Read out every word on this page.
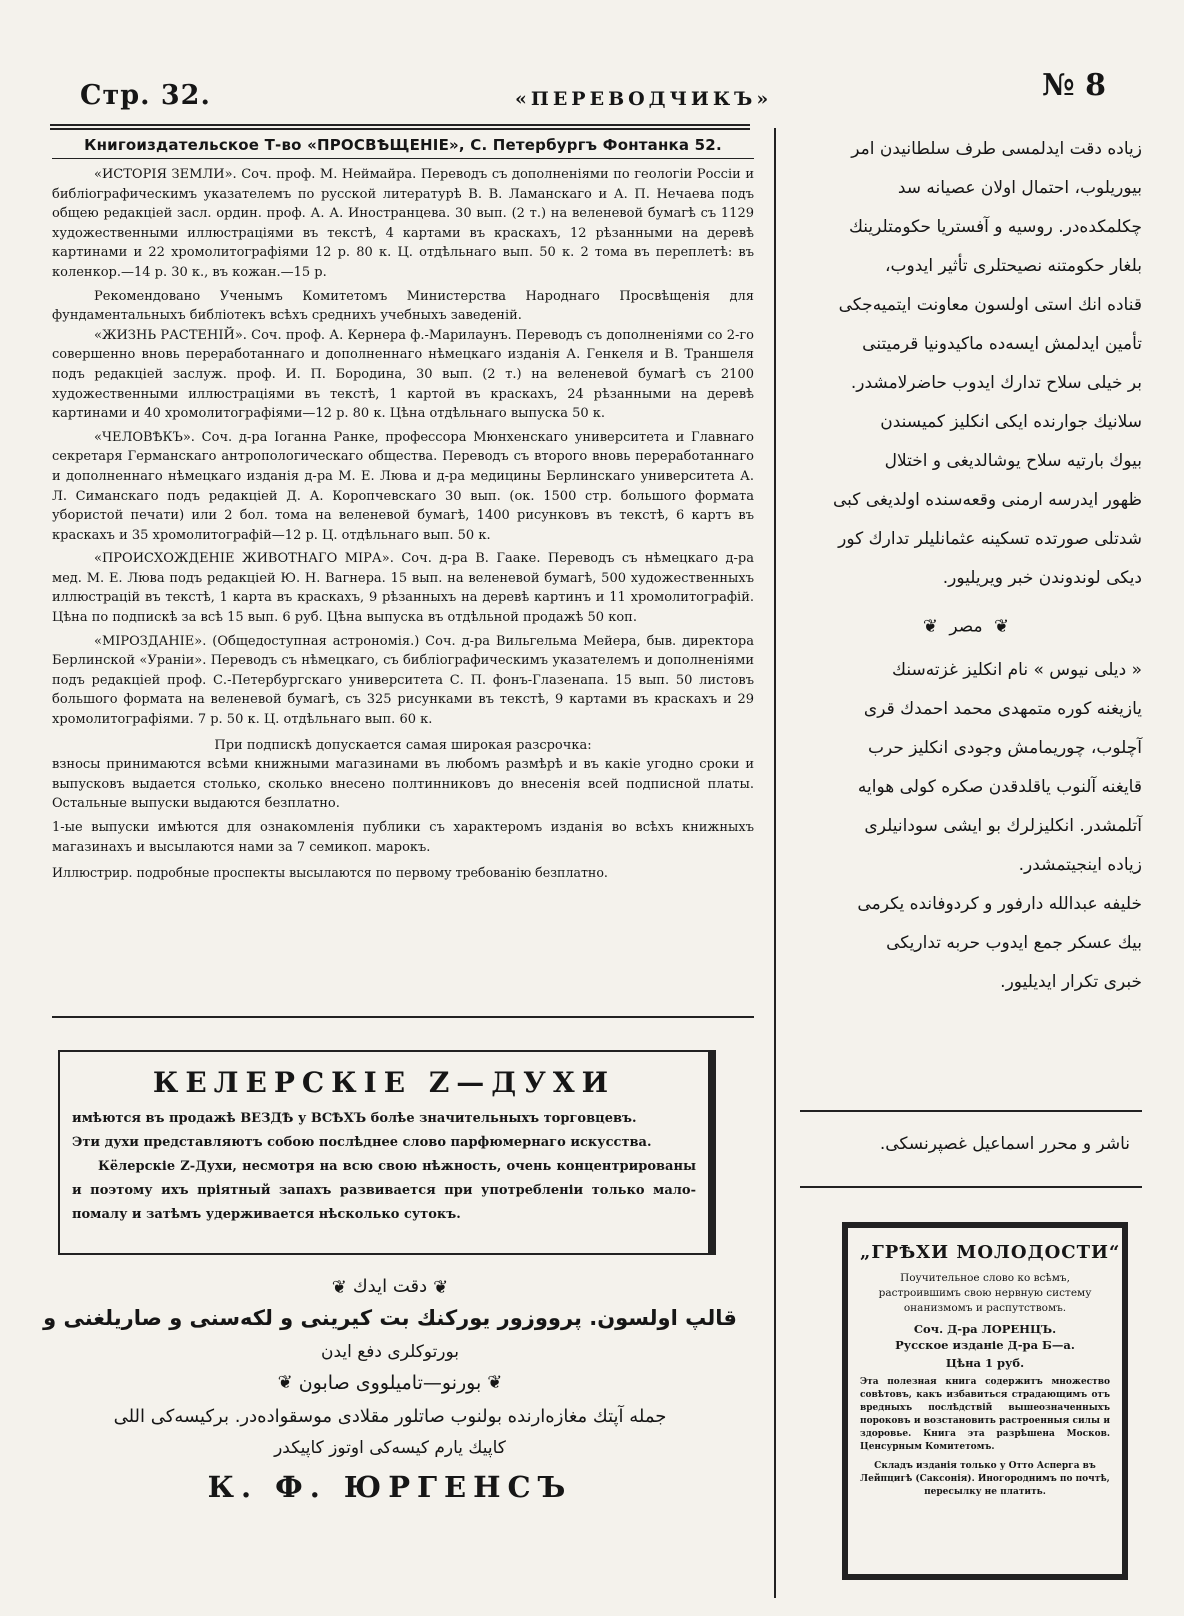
Стр. 32.	«ПЕРЕВОДЧИКЪ»	№ 8
Книгоиздательское Т-во «ПРОСВѢЩЕНІЕ», С. Петербургъ Фонтанка 52.

«ИСТОРІЯ ЗЕМЛИ». Соч. проф. М. Неймайра. Переводъ съ дополненіями по геологіи Россіи и библіографическимъ указателемъ по русской литературѣ В. В. Ламанскаго и А. П. Нечаева подъ общею редакціей засл. ордин. проф. А. А. Иностранцева. 30 вып. (2 т.) на веленевой бумагѣ съ 1129 художественными иллюстраціями въ текстѣ, 4 картами въ краскахъ, 12 рѣзанными на деревѣ картинами и 22 хромолитографіями 12 р. 80 к. Ц. отдѣльнаго вып. 50 к. 2 тома въ переплетѣ: въ коленкор.—14 р. 30 к., въ кожан.—15 р.

Рекомендовано Ученымъ Комитетомъ Министерства Народнаго Просвѣщенія для фундаментальныхъ библіотекъ всѣхъ среднихъ учебныхъ заведеній.

«ЖИЗНЬ РАСТЕНІЙ». Соч. проф. А. Кернера ф.-Марилаунъ. Переводъ съ дополненіями со 2-го совершенно вновь переработаннаго и дополненнаго нѣмецкаго изданія А. Генкеля и В. Траншеля подъ редакціей заслуж. проф. И. П. Бородина, 30 вып. (2 т.) на веленевой бумагѣ съ 2100 художественными иллюстраціями въ текстѣ, 1 картой въ краскахъ, 24 рѣзанными на деревѣ картинами и 40 хромолитографіями—12 р. 80 к. Цѣна отдѣльнаго выпуска 50 к.

«ЧЕЛОВѢКЪ». Соч. д-ра Іоганна Ранке, профессора Мюнхенскаго университета и Главнаго секретаря Германскаго антропологическаго общества. Переводъ съ второго вновь переработаннаго и дополненнаго нѣмецкаго изданія д-ра М. Е. Люва и д-ра медицины Берлинскаго университета А. Л. Симанскаго подъ редакціей Д. А. Коропчевскаго 30 вып. (ок. 1500 стр. большого формата убористой печати) или 2 бол. тома на веленевой бумагѣ, 1400 рисунковъ въ текстѣ, 6 картъ въ краскахъ и 35 хромолитографій—12 р. Ц. отдѣльнаго вып. 50 к.

«ПРОИСХОЖДЕНІЕ ЖИВОТНАГО МІРА». Соч. д-ра В. Гааке. Переводъ съ нѣмецкаго д-ра мед. М. Е. Люва подъ редакціей Ю. Н. Вагнера. 15 вып. на веленевой бумагѣ, 500 художественныхъ иллюстрацій въ текстѣ, 1 карта въ краскахъ, 9 рѣзанныхъ на деревѣ картинъ и 11 хромолитографій. Цѣна по подпискѣ за всѣ 15 вып. 6 руб. Цѣна выпуска въ отдѣльной продажѣ 50 коп.

«МІРОЗДАНІЕ». (Общедоступная астрономія.) Соч. д-ра Вильгельма Мейера, быв. директора Берлинской «Ураніи». Переводъ съ нѣмецкаго, съ библіографическимъ указателемъ и дополненіями подъ редакціей проф. С.-Петербургскаго университета С. П. фонъ-Глазенапа. 15 вып. 50 листовъ большого формата на веленевой бумагѣ, съ 325 рисунками въ текстѣ, 9 картами въ краскахъ и 29 хромолитографіями. 7 р. 50 к. Ц. отдѣльнаго вып. 60 к.

При подпискѣ допускается самая широкая разсрочка:

взносы принимаются всѣми книжными магазинами въ любомъ размѣрѣ и въ какіе угодно сроки и выпусковъ выдается столько, сколько внесено полтинниковъ до внесенія всей подписной платы. Остальные выпуски выдаются безплатно.

1-ые выпуски имѣются для ознакомленія публики съ характеромъ изданія во всѣхъ книжныхъ магазинахъ и высылаются нами за 7 семикоп. марокъ.

Иллюстрир. подробные проспекты высылаются по первому требованію безплатно.

КЕЛЕРСКІЕ Z—ДУХИ

имѣются въ продажѣ ВЕЗДѢ у ВСѢХЪ болѣе значительныхъ торговцевъ.

Эти духи представляютъ собою послѣднее слово парфюмернаго искусства.

Кёлерскіе Z-Духи, несмотря на всю свою нѣжность, очень концентрированы и поэтому ихъ пріятный запахъ развивается при употребленіи только мало-помалу и затѣмъ удерживается нѣсколько сутокъ.

❦دقت ایدك❦

قالپ اولسون. پرووزور یورکنك بت کیرینی و لکه‌سنی و صاریلغنی و

بورتوکلری دفع ایدن

❦بورنو—تامیلووی صابون❦

جمله آپتك مغازه‌ارنده بولنوب صاتلور مقلادی موسقواده‌در. برکیسه‌کی اللی

کاپیك یارم کیسه‌کی اوتوز کاپیکدر

К. Ф. ЮРГЕНСЪ

زیاده دقت ایدلمسی طرف سلطانیدن امر

بیوریلوب، احتمال اولان عصیانه سد

چکلمکده‌در. روسیه و آفستریا حکومتلرینك

بلغار حکومتنه نصیحتلری تأثیر ایدوب،

قناده انك استی اولسون معاونت ایتمیه‌جکی

تأمین ایدلمش ایسه‌ده ماکیدونیا قرمیتنی

بر خیلی سلاح تدارك ایدوب حاضرلامشدر.

سلانیك جوارنده ایکی انکلیز کمیسندن

بیوك بارتیه سلاح یوشالدیغی و اختلال

ظهور ایدرسه ارمنی وقعه‌سنده اولدیغی کبی

شدتلی صورتده تسکینه عثمانلیلر تدارك کور

دیکی لوندوندن خبر ویریلیور.

❦ مصر ❦

« دیلی نیوس » نام انکلیز غزته‌سنك

یازیغنه کوره متمهدی محمد احمدك قری

آچلوب، چوریمامش وجودی انکلیز حرب

قایغنه آلنوب یاقلدقدن صکره کولی هوایه

آتلمشدر. انکلیزلرك بو ایشی سودانیلری

زیاده اینجیتمشدر.

خلیفه عبدالله دارفور و کردوفانده یکرمی

بیك عسکر جمع ایدوب حربه تداریکی

خبری تکرار ایدیلیور.

ناشر و محرر اسماعیل غصپرنسکی.
„ГРѢХИ МОЛОДОСТИ“

Поучительное слово ко всѣмъ, растроившимъ свою нервную систему онанизмомъ и распутствомъ.

Соч. Д-ра ЛОРЕНЦЪ.

Русское изданіе Д-ра Б—а.

Цѣна 1 руб.

Эта полезная книга содержитъ множество совѣтовъ, какъ избавиться страдающимъ отъ вредныхъ послѣдствій вышеозначенныхъ пороковъ и возстановить растроенныя силы и здоровье. Книга эта разрѣшена Москов. Ценсурным Комитетомъ.

Складъ изданія только у Отто Асперга въ Лейпцигѣ (Саксонія). Иногороднимъ по почтѣ, пересылку не платить.
